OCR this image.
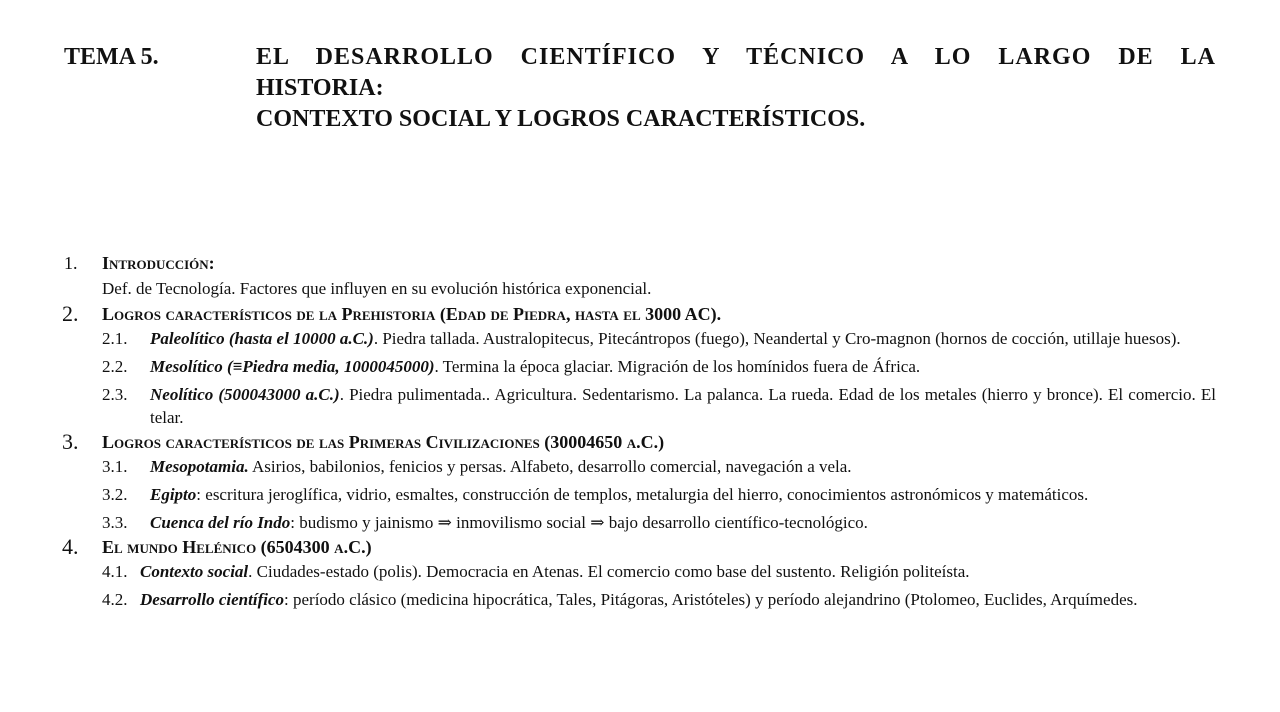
TEMA 5.	EL DESARROLLO CIENTÍFICO Y TÉCNICO A LO LARGO DE LA
HISTORIA:
CONTEXTO SOCIAL Y LOGROS CARACTERÍSTICOS.
1. Introducción:
Def. de Tecnología. Factores que influyen en su evolución histórica exponencial.
2. Logros característicos de la Prehistoria (Edad de Piedra, hasta el 3000 AC).
2.1. Paleolítico (hasta el 10000 a.C.). Piedra tallada. Australopitecus, Pitecántropos (fuego), Neandertal y Cro-magnon (hornos de cocción, utillaje huesos).
2.2. Mesolítico (≡Piedra media, 1000045000). Termina la época glaciar. Migración de los homínidos fuera de África.
2.3. Neolítico (500043000 a.C.). Piedra pulimentada.. Agricultura. Sedentarismo. La palanca. La rueda. Edad de los metales (hierro y bronce). El comercio. El telar.
3. Logros característicos de las Primeras Civilizaciones (30004650 a.C.)
3.1. Mesopotamia. Asirios, babilonios, fenicios y persas. Alfabeto, desarrollo comercial, navegación a vela.
3.2. Egipto: escritura jeroglífica, vidrio, esmaltes, construcción de templos, metalurgia del hierro, conocimientos astronómicos y matemáticos.
3.3. Cuenca del río Indo: budismo y jainismo ⇒ inmovilismo social ⇒ bajo desarrollo científico-tecnológico.
4. El mundo Helénico (6504300 a.C.)
4.1. Contexto social. Ciudades-estado (polis). Democracia en Atenas. El comercio como base del sustento. Religión politeísta.
4.2. Desarrollo científico: período clásico (medicina hipocrática, Tales, Pitágoras, Aristóteles) y período alejandrino (Ptolomeo, Euclides, Arquímedes.
